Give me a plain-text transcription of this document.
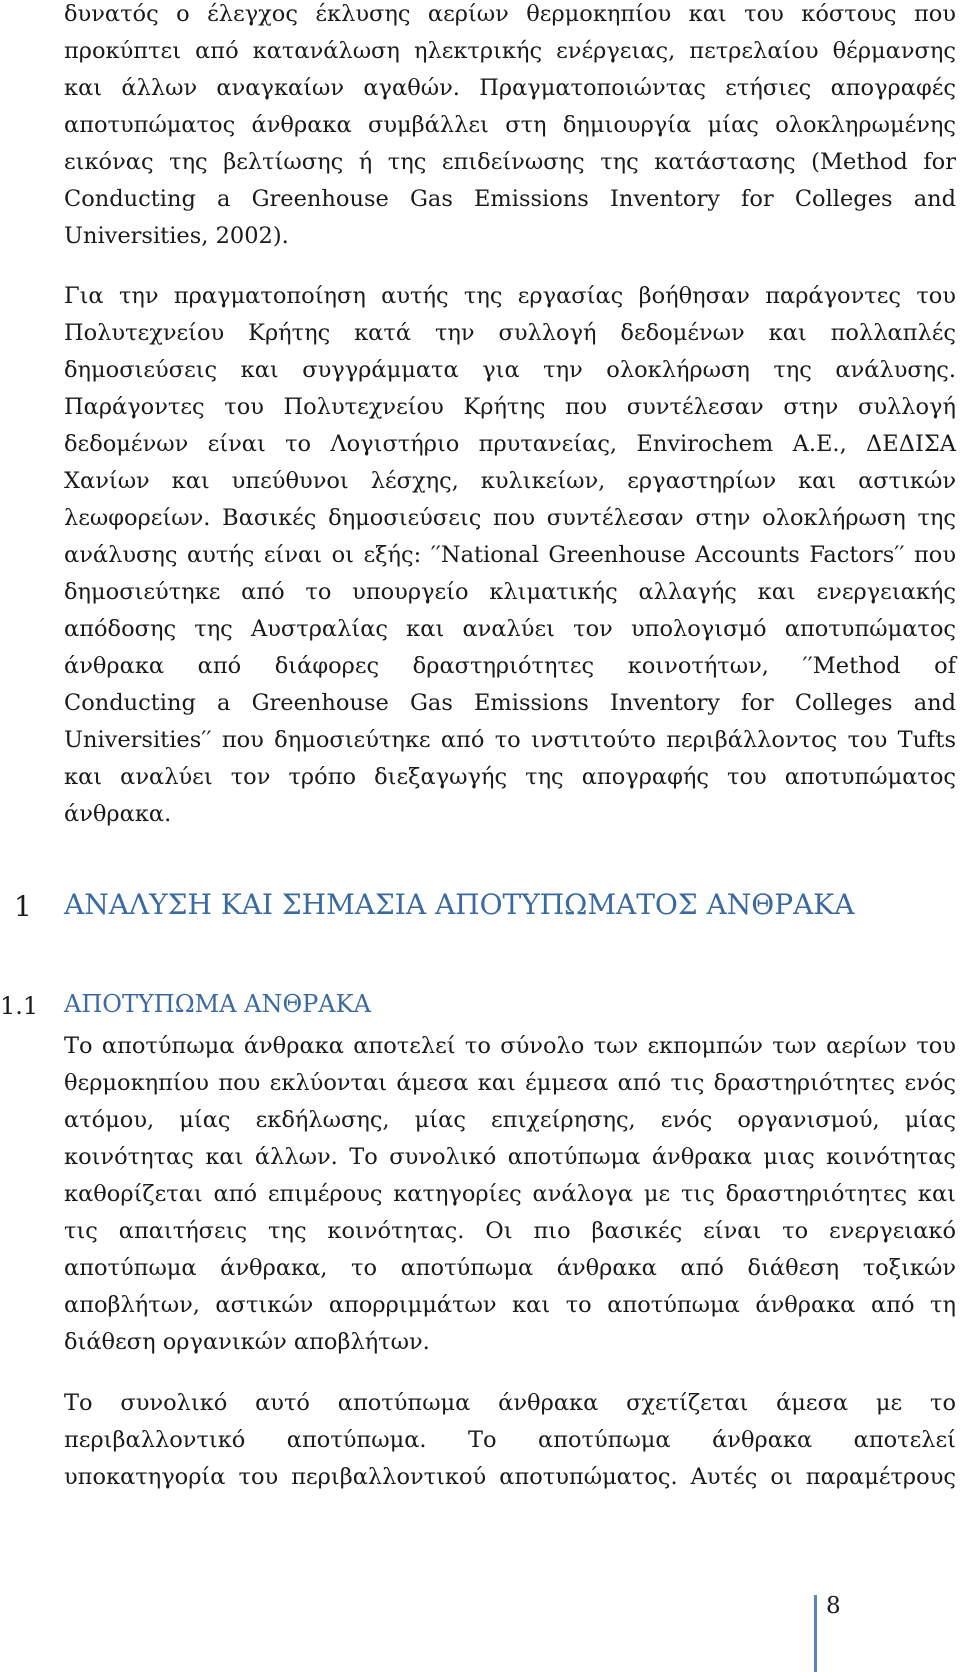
δυνατός ο έλεγχος έκλυσης αερίων θερμοκηπίου και του κόστους που
προκύπτει από κατανάλωση ηλεκτρικής ενέργειας, πετρελαίου θέρμανσης
και άλλων αναγκαίων αγαθών. Πραγματοποιώντας ετήσιες απογραφές
αποτυπώματος άνθρακα συμβάλλει στη δημιουργία μίας ολοκληρωμένης
εικόνας της βελτίωσης ή της επιδείνωσης της κατάστασης (Method for
Conducting a Greenhouse Gas Emissions Inventory for Colleges and
Universities, 2002).
Για την πραγματοποίηση αυτής της εργασίας βοήθησαν παράγοντες του
Πολυτεχνείου Κρήτης κατά την συλλογή δεδομένων και πολλαπλές
δημοσιεύσεις και συγγράμματα για την ολοκλήρωση της ανάλυσης.
Παράγοντες του Πολυτεχνείου Κρήτης που συντέλεσαν στην συλλογή
δεδομένων είναι το Λογιστήριο πρυτανείας, Envirochem Α.Ε., ΔΕΔΙΣΑ
Χανίων και υπεύθυνοι λέσχης, κυλικείων, εργαστηρίων και αστικών
λεωφορείων. Βασικές δημοσιεύσεις που συντέλεσαν στην ολοκλήρωση της
ανάλυσης αυτής είναι οι εξής: ′′National Greenhouse Accounts Factors′′ που
δημοσιεύτηκε από το υπουργείο κλιματικής αλλαγής και ενεργειακής
απόδοσης της Αυστραλίας και αναλύει τον υπολογισμό αποτυπώματος
άνθρακα από διάφορες δραστηριότητες κοινοτήτων, ′′Method of
Conducting a Greenhouse Gas Emissions Inventory for Colleges and
Universities′′ που δημοσιεύτηκε από το ινστιτούτο περιβάλλοντος του Tufts
και αναλύει τον τρόπο διεξαγωγής της απογραφής του αποτυπώματος
άνθρακα.

1 ΑΝΑΛΥΣΗ ΚΑΙ ΣΗΜΑΣΙΑ ΑΠΟΤΥΠΩΜΑΤΟΣ ΑΝΘΡΑΚΑ

1.1 ΑΠΟΤΥΠΩΜΑ ΑΝΘΡΑΚΑ

Το αποτύπωμα άνθρακα αποτελεί το σύνολο των εκπομπών των αερίων του
θερμοκηπίου που εκλύονται άμεσα και έμμεσα από τις δραστηριότητες ενός
ατόμου, μίας εκδήλωσης, μίας επιχείρησης, ενός οργανισμού, μίας
κοινότητας και άλλων. Το συνολικό αποτύπωμα άνθρακα μιας κοινότητας
καθορίζεται από επιμέρους κατηγορίες ανάλογα με τις δραστηριότητες και
τις απαιτήσεις της κοινότητας. Οι πιο βασικές είναι το ενεργειακό
αποτύπωμα άνθρακα, το αποτύπωμα άνθρακα από διάθεση τοξικών
αποβλήτων, αστικών απορριμμάτων και το αποτύπωμα άνθρακα από τη
διάθεση οργανικών αποβλήτων.
Το συνολικό αυτό αποτύπωμα άνθρακα σχετίζεται άμεσα με το
περιβαλλοντικό αποτύπωμα. Το αποτύπωμα άνθρακα αποτελεί
υποκατηγορία του περιβαλλοντικού αποτυπώματος. Αυτές οι παραμέτρους

8
